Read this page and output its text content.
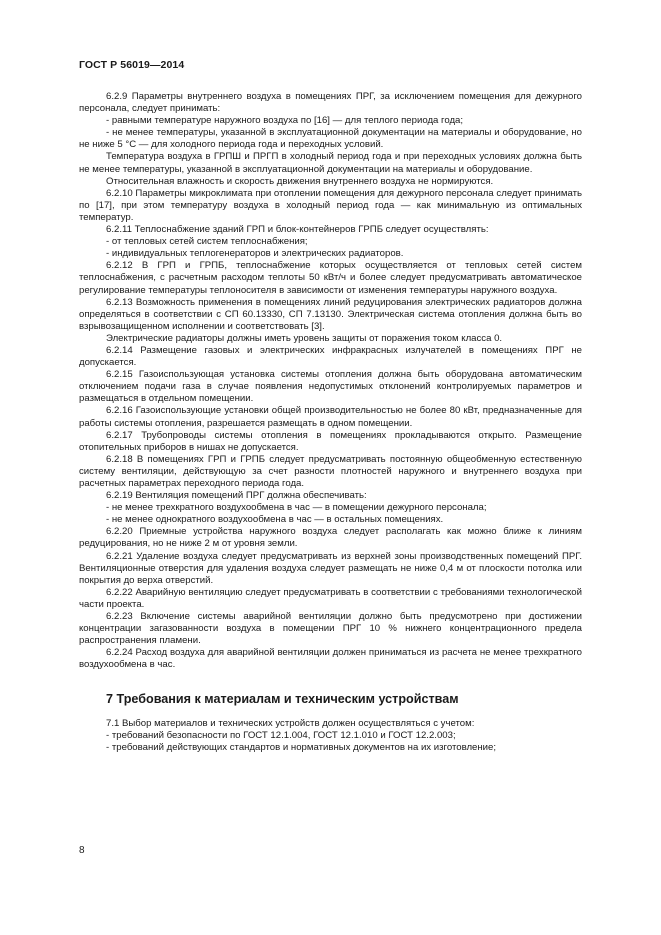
ГОСТ Р 56019—2014

6.2.9 Параметры внутреннего воздуха в помещениях ПРГ, за исключением помещения для дежурного персонала, следует принимать:

- равными температуре наружного воздуха по [16] — для теплого периода года;

- не менее температуры, указанной в эксплуатационной документации на материалы и оборудование, но не ниже 5 °С — для холодного периода года и переходных условий.

Температура воздуха в ГРПШ и ПРГП в холодный период года и при переходных условиях должна быть не менее температуры, указанной в эксплуатационной документации на материалы и оборудование.

Относительная влажность и скорость движения внутреннего воздуха не нормируются.

6.2.10 Параметры микроклимата при отоплении помещения для дежурного персонала следует принимать по [17], при этом температуру воздуха в холодный период года — как минимальную из оптимальных температур.

6.2.11 Теплоснабжение зданий ГРП и блок-контейнеров ГРПБ следует осуществлять:

- от тепловых сетей систем теплоснабжения;

- индивидуальных теплогенераторов и электрических радиаторов.

6.2.12 В ГРП и ГРПБ, теплоснабжение которых осуществляется от тепловых сетей систем теплоснабжения, с расчетным расходом теплоты 50 кВт/ч и более следует предусматривать автоматическое регулирование температуры теплоносителя в зависимости от изменения температуры наружного воздуха.

6.2.13 Возможность применения в помещениях линий редуцирования электрических радиаторов должна определяться в соответствии с СП 60.13330, СП 7.13130. Электрическая система отопления должна быть во взрывозащищенном исполнении и соответствовать [3].

Электрические радиаторы должны иметь уровень защиты от поражения током класса 0.

6.2.14 Размещение газовых и электрических инфракрасных излучателей в помещениях ПРГ не допускается.

6.2.15 Газоиспользующая установка системы отопления должна быть оборудована автоматическим отключением подачи газа в случае появления недопустимых отклонений контролируемых параметров и размещаться в отдельном помещении.

6.2.16 Газоиспользующие установки общей производительностью не более 80 кВт, предназначенные для работы системы отопления, разрешается размещать в одном помещении.

6.2.17 Трубопроводы системы отопления в помещениях прокладываются открыто. Размещение отопительных приборов в нишах не допускается.

6.2.18 В помещениях ГРП и ГРПБ следует предусматривать постоянную общеобменную естественную систему вентиляции, действующую за счет разности плотностей наружного и внутреннего воздуха при расчетных параметрах переходного периода года.

6.2.19 Вентиляция помещений ПРГ должна обеспечивать:

- не менее трехкратного воздухообмена в час — в помещении дежурного персонала;

- не менее однократного воздухообмена в час — в остальных помещениях.

6.2.20 Приемные устройства наружного воздуха следует располагать как можно ближе к линиям редуцирования, но не ниже 2 м от уровня земли.

6.2.21 Удаление воздуха следует предусматривать из верхней зоны производственных помещений ПРГ. Вентиляционные отверстия для удаления воздуха следует размещать не ниже 0,4 м от плоскости потолка или покрытия до верха отверстий.

6.2.22 Аварийную вентиляцию следует предусматривать в соответствии с требованиями технологической части проекта.

6.2.23 Включение системы аварийной вентиляции должно быть предусмотрено при достижении концентрации загазованности воздуха в помещении ПРГ 10 % нижнего концентрационного предела распространения пламени.

6.2.24 Расход воздуха для аварийной вентиляции должен приниматься из расчета не менее трехкратного воздухообмена в час.

7 Требования к материалам и техническим устройствам

7.1 Выбор материалов и технических устройств должен осуществляться с учетом:

- требований безопасности по ГОСТ 12.1.004, ГОСТ 12.1.010 и ГОСТ 12.2.003;

- требований действующих стандартов и нормативных документов на их изготовление;

8
